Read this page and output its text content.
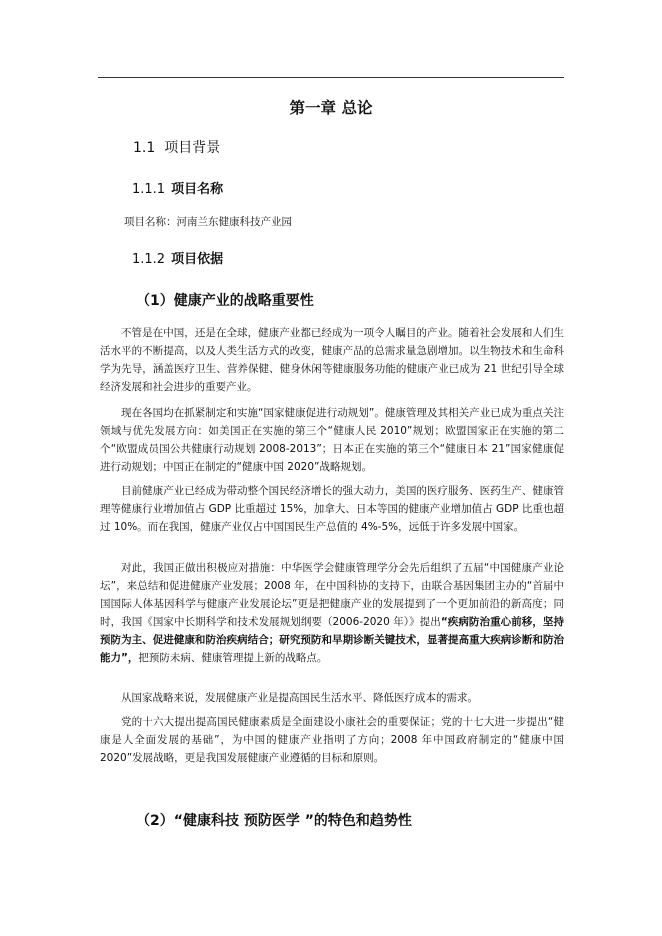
第一章 总论
1.1 项目背景
1.1.1 项目名称
项目名称：河南兰东健康科技产业园
1.1.2 项目依据
（1）健康产业的战略重要性

不管是在中国，还是在全球，健康产业都已经成为一项令人瞩目的产业。随着社会发展和人们生活水平的不断提高，以及人类生活方式的改变，健康产品的总需求量急剧增加。以生物技术和生命科学为先导，涵盖医疗卫生、营养保健、健身休闲等健康服务功能的健康产业已成为 21 世纪引导全球经济发展和社会进步的重要产业。

现在各国均在抓紧制定和实施“国家健康促进行动规划”。健康管理及其相关产业已成为重点关注领域与优先发展方向：如美国正在实施的第三个“健康人民 2010”规划；欧盟国家正在实施的第二个“欧盟成员国公共健康行动规划 2008-2013”；日本正在实施的第三个“健康日本 21”国家健康促进行动规划；中国正在制定的“健康中国 2020”战略规划。

目前健康产业已经成为带动整个国民经济增长的强大动力，美国的医疗服务、医药生产、健康管理等健康行业增加值占 GDP 比重超过 15%，加拿大、日本等国的健康产业增加值占 GDP 比重也超过 10%。而在我国，健康产业仅占中国国民生产总值的 4%-5%，远低于许多发展中国家。

对此，我国正做出积极应对措施：中华医学会健康管理学分会先后组织了五届“中国健康产业论坛”，来总结和促进健康产业发展；2008 年，在中国科协的支持下，由联合基因集团主办的“首届中国国际人体基因科学与健康产业发展论坛”更是把健康产业的发展提到了一个更加前沿的新高度；同时，我国《国家中长期科学和技术发展规划纲要（2006-2020 年）》提出“疾病防治重心前移，坚持预防为主、促进健康和防治疾病结合；研究预防和早期诊断关键技术，显著提高重大疾病诊断和防治能力”，把预防未病、健康管理提上新的战略点。

从国家战略来说，发展健康产业是提高国民生活水平、降低医疗成本的需求。

党的十六大提出提高国民健康素质是全面建设小康社会的重要保证；党的十七大进一步提出“健康是人全面发展的基础”，为中国的健康产业指明了方向；2008 年中国政府制定的“健康中国 2020”发展战略，更是我国发展健康产业遵循的目标和原则。

（2）“健康科技 预防医学 ”的特色和趋势性
